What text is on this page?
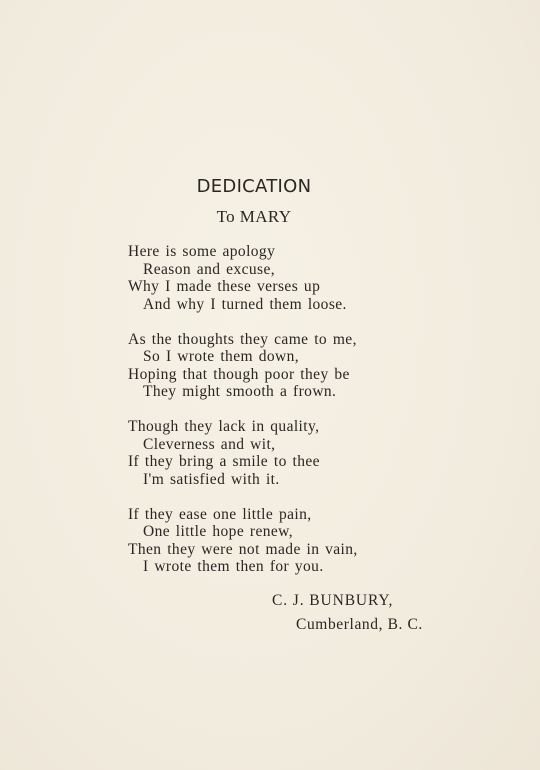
DEDICATION
To MARY
Here is some apology
Reason and excuse,
Why I made these verses up
And why I turned them loose.
As the thoughts they came to me,
So I wrote them down,
Hoping that though poor they be
They might smooth a frown.
Though they lack in quality,
Cleverness and wit,
If they bring a smile to thee
I'm satisfied with it.
If they ease one little pain,
One little hope renew,
Then they were not made in vain,
I wrote them then for you.
C. J. BUNBURY,
Cumberland, B. C.
